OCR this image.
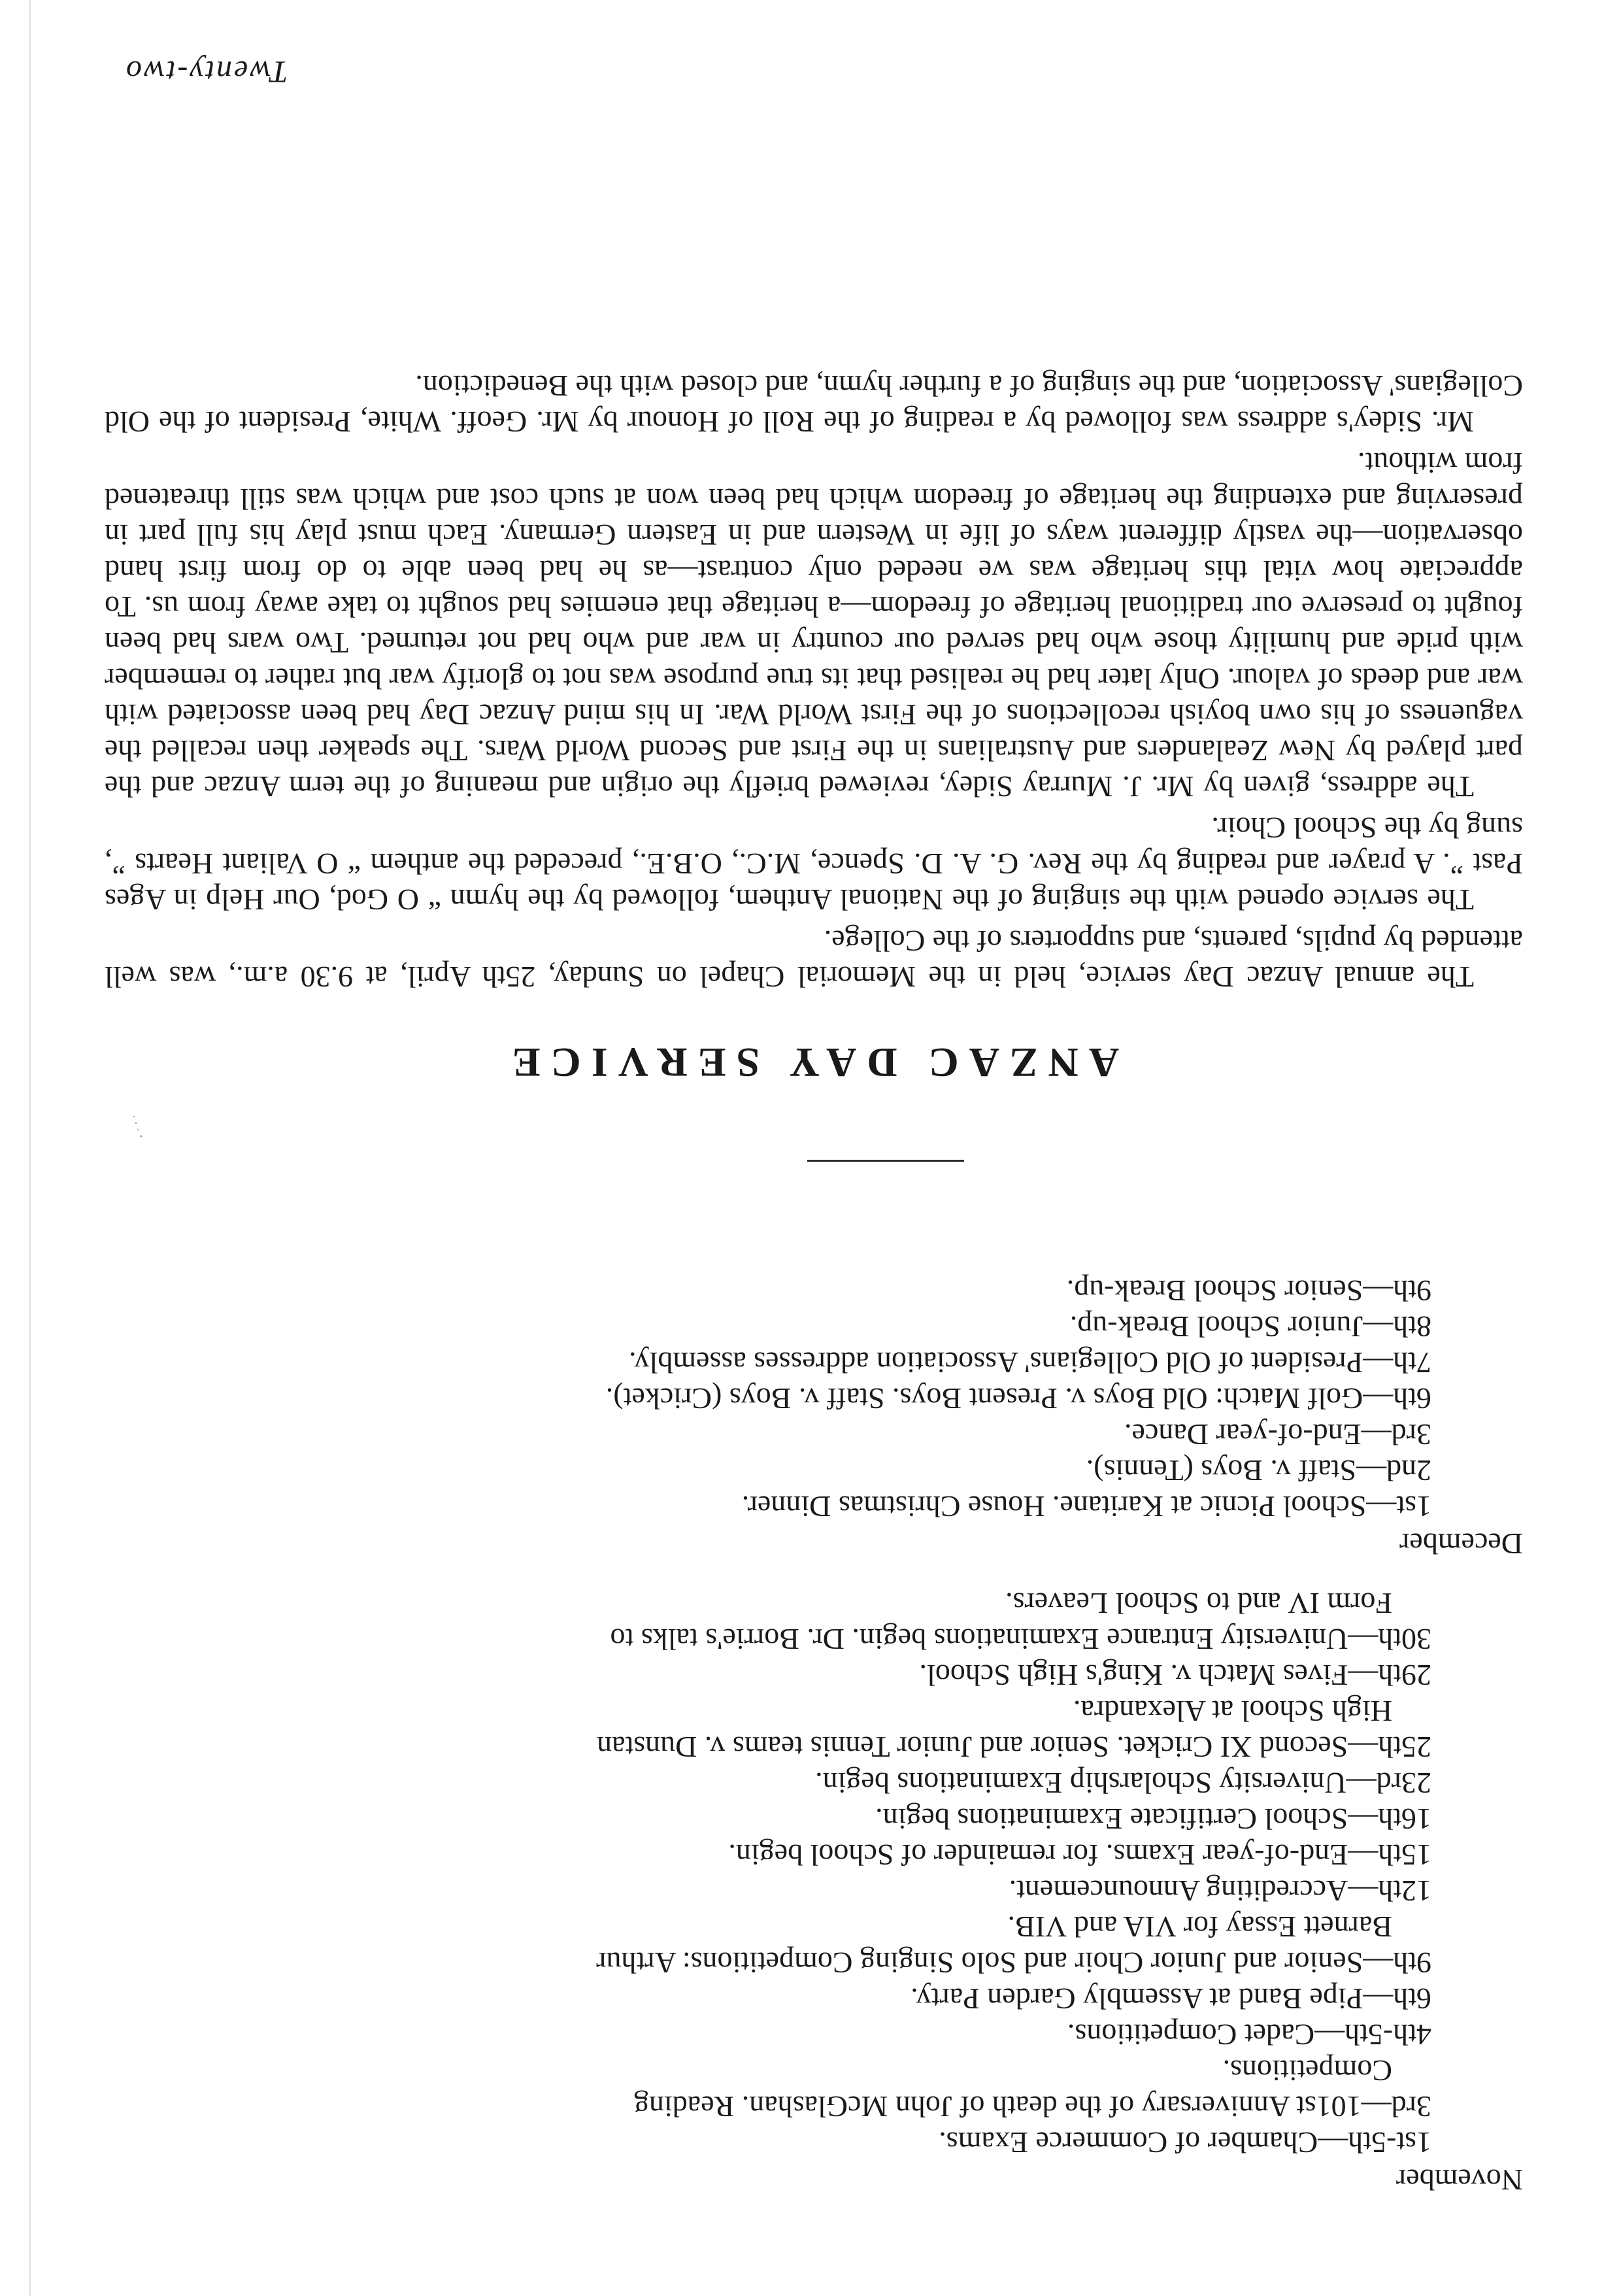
November
1st-5th—Chamber of Commerce Exams.
3rd—101st Anniversary of the death of John McGlashan. Reading
Competitions.
4th-5th—Cadet Competitions.
6th—Pipe Band at Assembly Garden Party.
9th—Senior and Junior Choir and Solo Singing Competitions: Arthur
Barnett Essay for VIA and VIB.
12th—Accrediting Announcement.
15th—End-of-year Exams. for remainder of School begin.
16th—School Certificate Examinations begin.
23rd—University Scholarship Examinations begin.
25th—Second XI Cricket. Senior and Junior Tennis teams v. Dunstan
High School at Alexandra.
29th—Fives Match v. King's High School.
30th—University Entrance Examinations begin. Dr. Borrie's talks to
Form IV and to School Leavers.
December
1st—School Picnic at Karitane. House Christmas Dinner.
2nd—Staff v. Boys (Tennis).
3rd—End-of-year Dance.
6th—Golf Match: Old Boys v. Present Boys. Staff v. Boys (Cricket).
7th—President of Old Collegians' Association addresses assembly.
8th—Junior School Break-up.
9th—Senior School Break-up.
ANZAC DAY SERVICE

The annual Anzac Day service, held in the Memorial Chapel on Sunday, 25th April, at 9.30 a.m., was well attended by pupils, parents, and supporters of the College.

The service opened with the singing of the National Anthem, followed by the hymn “ O God, Our Help in Ages Past ”. A prayer and reading by the Rev. G. A. D. Spence, M.C., O.B.E., preceded the anthem “ O Valiant Hearts ”, sung by the School Choir.

The address, given by Mr. J. Murray Sidey, reviewed briefly the origin and meaning of the term Anzac and the part played by New Zealanders and Australians in the First and Second World Wars. The speaker then recalled the vagueness of his own boyish recollections of the First World War. In his mind Anzac Day had been associated with war and deeds of valour. Only later had he realised that its true purpose was not to glorify war but rather to remember with pride and humility those who had served our country in war and who had not returned. Two wars had been fought to preserve our traditional heritage of freedom—a heritage that enemies had sought to take away from us. To appreciate how vital this heritage was we needed only contrast—as he had been able to do from first hand observation—the vastly different ways of life in Western and in Eastern Germany. Each must play his full part in preserving and extending the heritage of freedom which had been won at such cost and which was still threatened from without.

Mr. Sidey's address was followed by a reading of the Roll of Honour by Mr. Geoff. White, President of the Old Collegians' Association, and the singing of a further hymn, and closed with the Benediction.

Twenty-two
